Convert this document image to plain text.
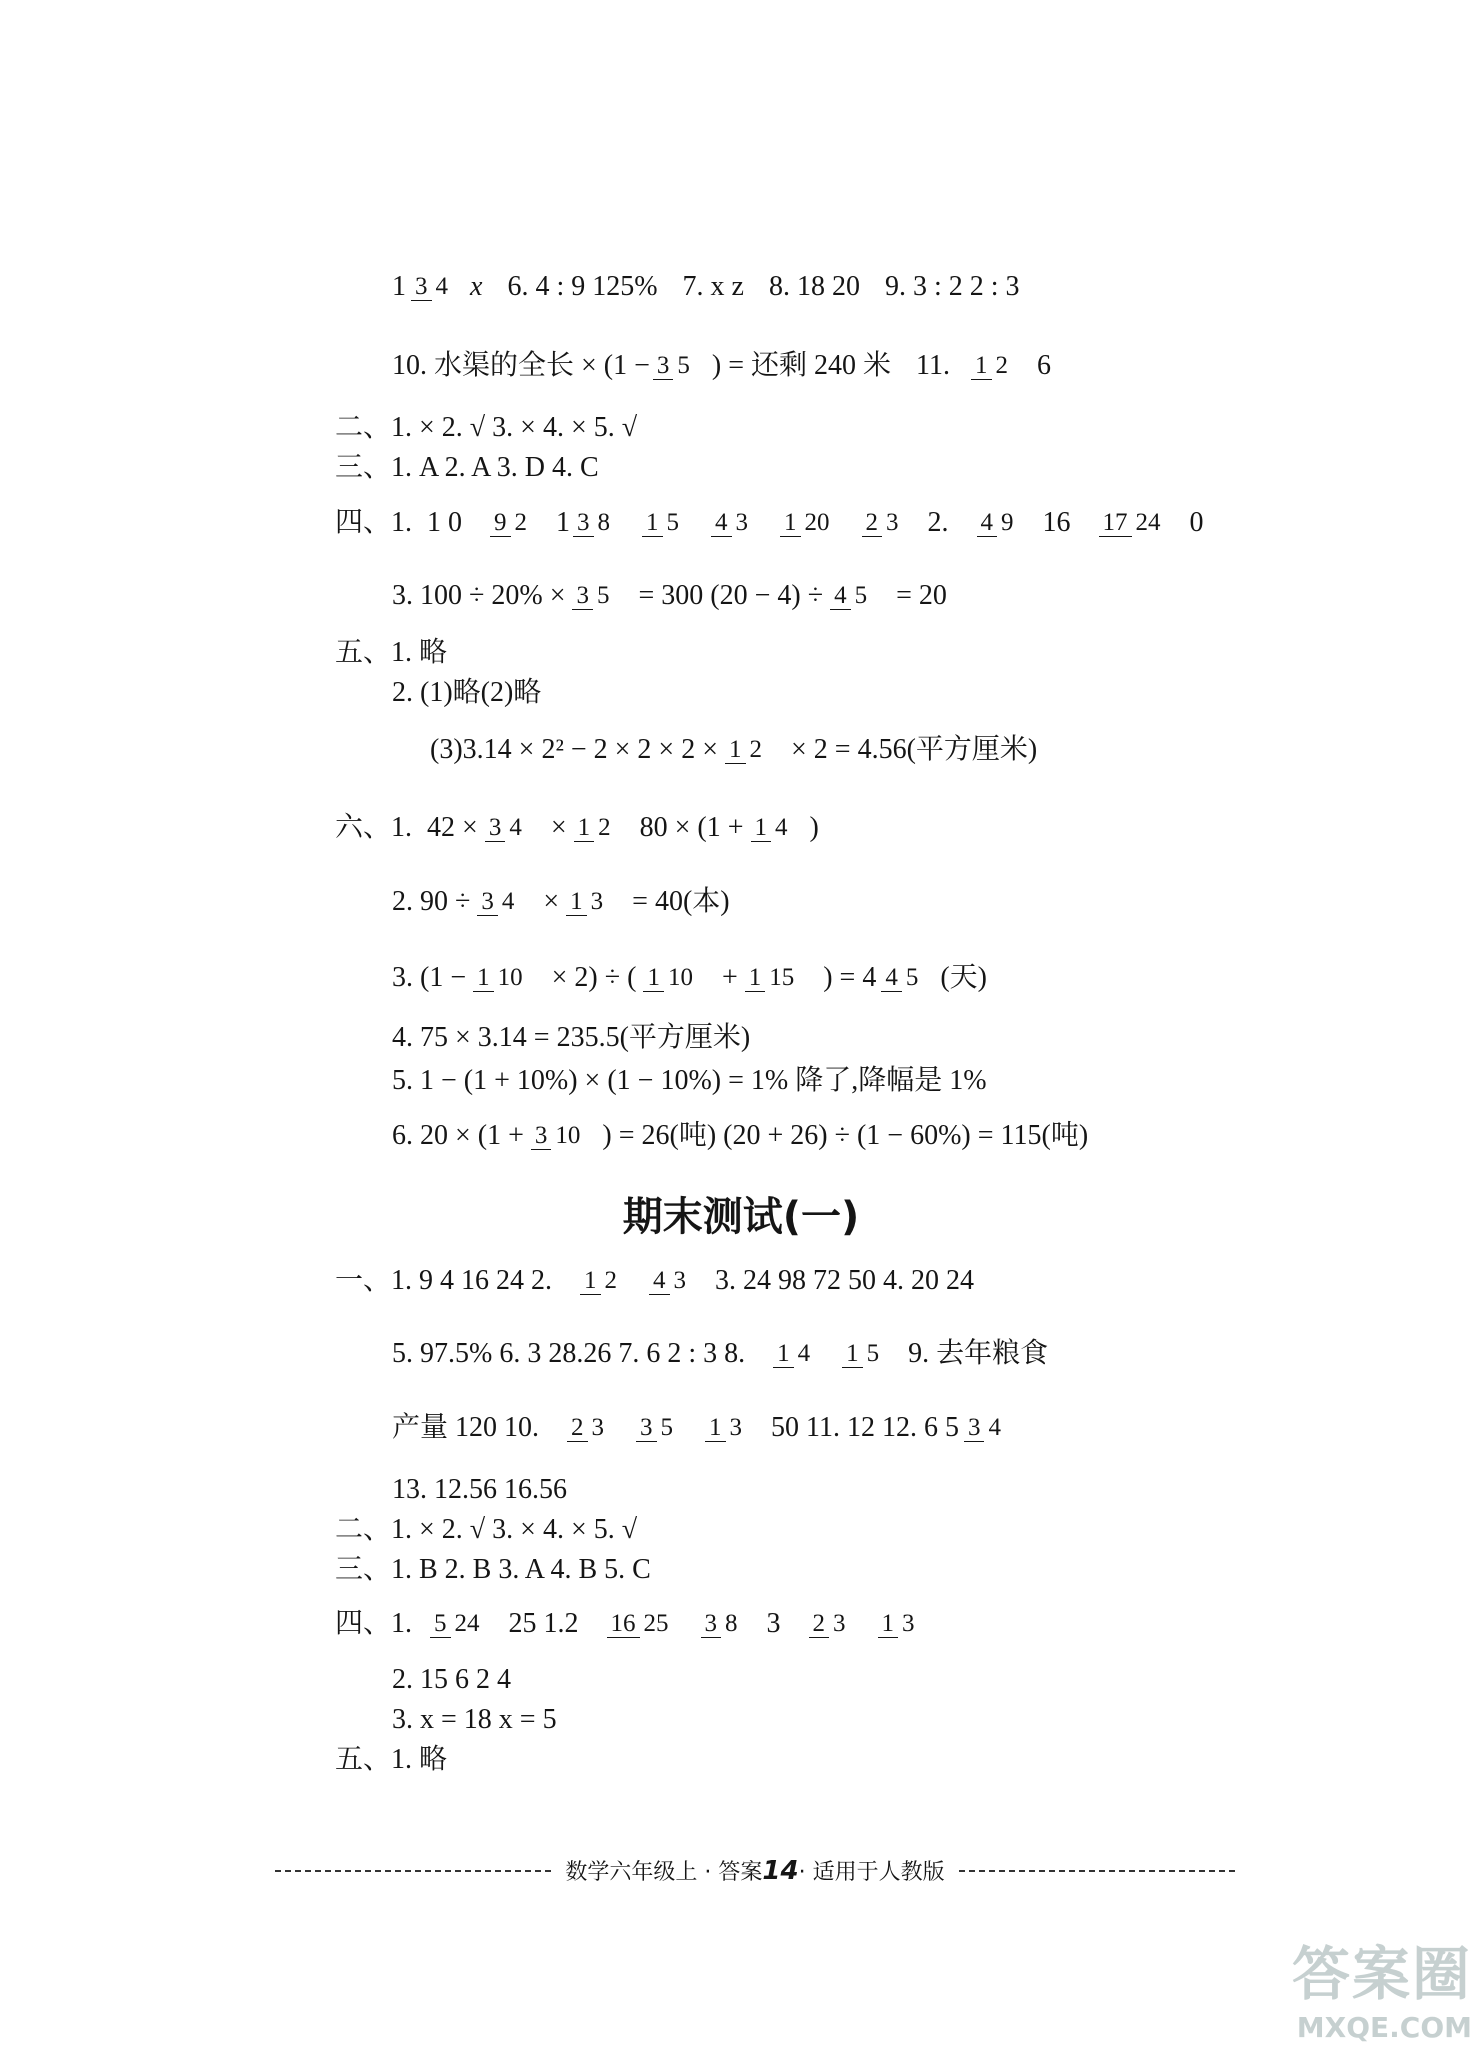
1 3 4 x 6. 4 : 9 125% 7. x z 8. 18 20 9. 3 : 2 2 : 3
10. 水渠的全长 × (1 − 3 5 ) = 还剩 240 米 11. 1 2 6
二、1. × 2. √ 3. × 4. × 5. √
三、1. A 2. A 3. D 4. C
四、1. 1 0 9 2 1 3 8 1 5 4 3 1 20 2 3 2. 4 9 16 17 24 0
3. 100 ÷ 20% × 3 5 = 300 (20 − 4) ÷ 4 5 = 20
五、1. 略
2. (1)略(2)略
(3)3.14 × 2² − 2 × 2 × 2 × 1 2 × 2 = 4.56(平方厘米)
六、1. 42 × 3 4 × 1 2 80 × (1 + 1 4 )
2. 90 ÷ 3 4 × 1 3 = 40(本)
3. (1 − 1 10 × 2) ÷ ( 1 10 + 1 15 ) = 4 4 5 (天)
4. 75 × 3.14 = 235.5(平方厘米)
5. 1 − (1 + 10%) × (1 − 10%) = 1% 降了,降幅是 1%
6. 20 × (1 + 3 10 ) = 26(吨) (20 + 26) ÷ (1 − 60%) = 115(吨)
期末测试(一)
一、1. 9 4 16 24 2. 1 2 4 3 3. 24 98 72 50 4. 20 24
5. 97.5% 6. 3 28.26 7. 6 2 : 3 8. 1 4 1 5 9. 去年粮食
产量 120 10. 2 3 3 5 1 3 50 11. 12 12. 6 5 3 4
13. 12.56 16.56
二、1. × 2. √ 3. × 4. × 5. √
三、1. B 2. B 3. A 4. B 5. C
四、1. 5 24 25 1.2 16 25 3 8 3 2 3 1 3
2. 15 6 2 4
3. x = 18 x = 5
五、1. 略
数学六年级上 · 答案14· 适用于人教版
答案圈
MXQE.COM
